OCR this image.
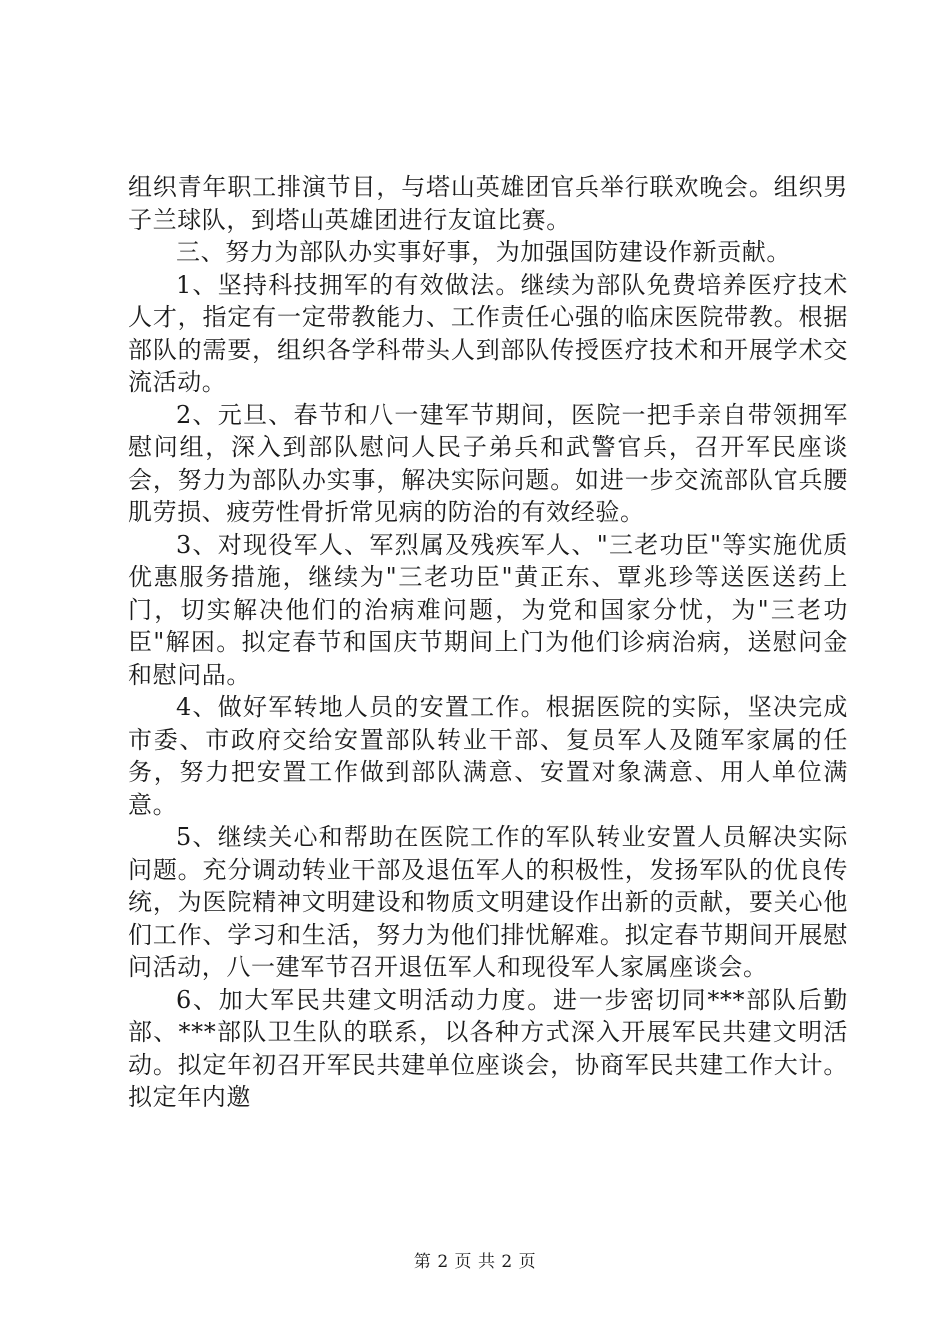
组织青年职工排演节目，与塔山英雄团官兵举行联欢晚会。组织男子兰球队，到塔山英雄团进行友谊比赛。

三、努力为部队办实事好事，为加强国防建设作新贡献。

1、坚持科技拥军的有效做法。继续为部队免费培养医疗技术人才，指定有一定带教能力、工作责任心强的临床医院带教。根据部队的需要，组织各学科带头人到部队传授医疗技术和开展学术交流活动。

2、元旦、春节和八一建军节期间，医院一把手亲自带领拥军慰问组，深入到部队慰问人民子弟兵和武警官兵，召开军民座谈会，努力为部队办实事，解决实际问题。如进一步交流部队官兵腰肌劳损、疲劳性骨折常见病的防治的有效经验。

3、对现役军人、军烈属及残疾军人、"三老功臣"等实施优质优惠服务措施，继续为"三老功臣"黄正东、覃兆珍等送医送药上门，切实解决他们的治病难问题，为党和国家分忧，为"三老功臣"解困。拟定春节和国庆节期间上门为他们诊病治病，送慰问金和慰问品。

4、做好军转地人员的安置工作。根据医院的实际，坚决完成市委、市政府交给安置部队转业干部、复员军人及随军家属的任务，努力把安置工作做到部队满意、安置对象满意、用人单位满意。

5、继续关心和帮助在医院工作的军队转业安置人员解决实际问题。充分调动转业干部及退伍军人的积极性，发扬军队的优良传统，为医院精神文明建设和物质文明建设作出新的贡献，要关心他们工作、学习和生活，努力为他们排忧解难。拟定春节期间开展慰问活动，八一建军节召开退伍军人和现役军人家属座谈会。

6、加大军民共建文明活动力度。进一步密切同***部队后勤部、***部队卫生队的联系，以各种方式深入开展军民共建文明活动。拟定年初召开军民共建单位座谈会，协商军民共建工作大计。拟定年内邀

第 2 页 共 2 页
